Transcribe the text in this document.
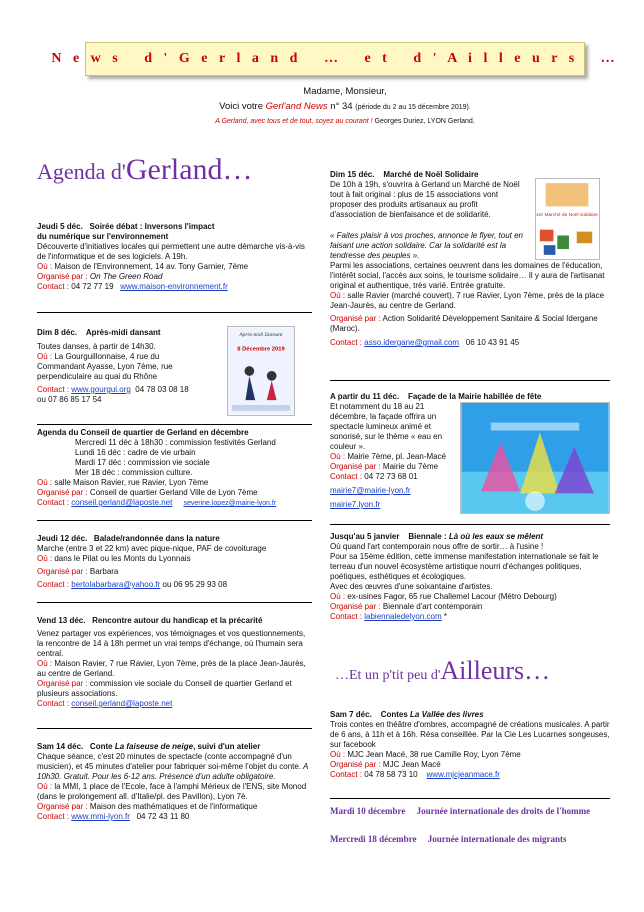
N e w s   d ' G e r l a n d   …   e t   d ' A i l l e u r s   …
Madame, Monsieur,
Voici votre Gerl'and News n° 34 (période du 2 au 15 décembre 2019).
A Gerland, avec tous et de tout, soyez au courant ! Georges Duriez, LYON Gerland.
Agenda d'Gerland…

Jeudi 5 déc. Soirée débat : Inversons l'impact

du numérique sur l'environnement

Découverte d'initiatives locales qui permettent une autre démarche vis-à-vis de l'informatique et de ses logiciels. A 19h.

Où : Maison de l'Environnement, 14 av. Tony Garnier, 7ème

Organisé par : On The Green Road

Contact : 04 72 77 19 www.maison-environnement.fr

Dim 8 déc. Après-midi dansant

Toutes danses, à partir de 14h30.

Où : La Gourguillonnaise, 4 rue du Commandant Ayasse, Lyon 7ème, rue perpendiculaire au quai du Rhône

Contact : www.gourgui.org 04 78 03 08 18

ou 07 86 85 17 54

Après-midi Dansant
8 Décembre 2019

Agenda du Conseil de quartier de Gerland en décembre

Mercredi 11 déc à 18h30 : commission festivités Gerland

Lundi 16 déc : cadre de vie urbain

Mardi 17 déc : commission vie sociale

Mer 18 déc : commission culture.

Où : salle Maison Ravier, rue Ravier, Lyon 7ème

Organisé par : Conseil de quartier Gerland Ville de Lyon 7ème

Contact : conseil.gerland@laposte.net severine.lopez@mairie-lyon.fr

Jeudi 12 déc. Balade/randonnée dans la nature

Marche (entre 3 et 22 km) avec pique-nique, PAF de covoiturage

Où : dans le Pilat ou les Monts du Lyonnais

Organisé par : Barbara

Contact : bertolabarbara@yahoo.fr ou 06 95 29 93 08

Vend 13 déc. Rencontre autour du handicap et la précarité

Venez partager vos expériences, vos témoignages et vos questionnements, la rencontre de 14 à 18h permet un vrai temps d'échange, où l'humain sera central.

Où : Maison Ravier, 7 rue Ravier, Lyon 7ème, près de la place Jean-Jaurès, au centre de Gerland.

Organisé par : commission vie sociale du Conseil de quartier Gerland et plusieurs associations.

Contact : conseil.gerland@laposte.net

Sam 14 déc. Conte La faiseuse de neige, suivi d'un atelier

Chaque séance, c'est 20 minutes de spectacle (conte accompagné d'un musicien), et 45 minutes d'atelier pour fabriquer soi-même l'objet du conte. A 10h30. Gratuit. Pour les 6-12 ans. Présence d'un adulte obligatoire.

Où : la MMI, 1 place de l'Ecole, face à l'amphi Mérieux de l'ENS, site Monod (dans le prolongement all. d'Italie/pl. des Pavillon), Lyon 7è.

Organisé par : Maison des mathématiques et de l'informatique

Contact : www.mmi-lyon.fr 04 72 43 11 80

Dim 15 déc. Marché de Noël Solidaire

De 10h à 19h, s'ouvrira à Gerland un Marché de Noël tout à fait original : plus de 15 associations vont proposer des produits artisanaux au profit d'association de bienfaisance et de solidarité.

« Faites plaisir à vos proches, annonce le flyer, tout en faisant une action solidaire. Car la solidarité est la tendresse des peuples ».

Parmi les associations, certaines oeuvrent dans les domaines de l'éducation, l'intérêt social, l'accès aux soins, le tourisme solidaire… Il y aura de l'artisanat original et authentique, très varié. Entrée gratuite.

Où : salle Ravier (marché couvert), 7 rue Ravier, Lyon 7ème, près de la place Jean-Jaurès, au centre de Gerland.

Organisé par : Action Solidarité Développement Sanitaire & Social Idergane (Maroc).

Contact : asso.idergane@gmail.com 06 10 43 91 45

1er Marché de Noël solidaire

A partir du 11 déc. Façade de la Mairie habillée de fête

Et notamment du 18 au 21 décembre, la façade offrira un spectacle lumineux animé et sonorisé, sur le thème « eau en couleur ».

Où : Mairie 7ème, pl. Jean-Macé

Organisé par : Mairie du 7ème

Contact : 04 72 73 68 01

mairie7@mairie-lyon.fr

mairie7.lyon.fr

Jusqu'au 5 janvier Biennale : Là où les eaux se mêlent

Où quand l'art contemporain nous offre de sortir… à l'usine !

Pour sa 15ème édition, cette immense manifestation internationale se fait le terreau d'un nouvel écosystème artistique nourri d'échanges politiques, poétiques, esthétiques et écologiques.

Avec des œuvres d'une soixantaine d'artistes.

Où : ex-usines Fagor, 65 rue Challemel Lacour (Métro Debourg)

Organisé par : Biennale d'art contemporain

Contact : labiennaledelyon.com *

…Et un p'tit peu d'Ailleurs…

Sam 7 déc. Contes La Vallée des livres

Trois contes en théâtre d'ombres, accompagné de créations musicales. A partir de 6 ans, à 11h et à 16h. Résa conseillée. Par la Cie Les Lucarnes songeuses, sur facebook

Où : MJC Jean Macé, 38 rue Camille Roy, Lyon 7ème

Organisé par : MJC Jean Macé

Contact : 04 78 58 73 10 www.mjcjeanmace.fr

Mardi 10 décembre Journée internationale des droits de l'homme
Mercredi 18 décembre Journée internationale des migrants
